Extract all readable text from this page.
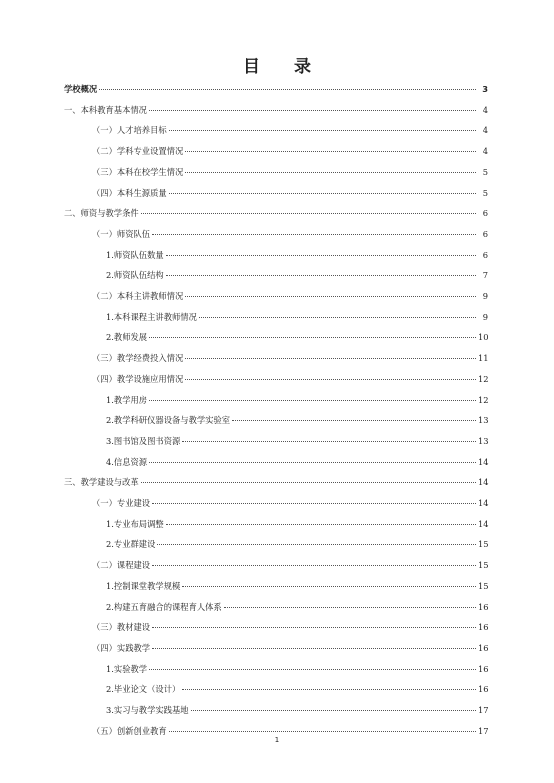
目 录
学校概况	3
一、本科教育基本情况	4
（一）人才培养目标	4
（二）学科专业设置情况	4
（三）本科在校学生情况	5
（四）本科生源质量	5
二、师资与教学条件	6
（一）师资队伍	6
1.师资队伍数量	6
2.师资队伍结构	7
（二）本科主讲教师情况	9
1.本科课程主讲教师情况	9
2.教师发展	10
（三）教学经费投入情况	11
（四）教学设施应用情况	12
1.教学用房	12
2.教学科研仪器设备与教学实验室	13
3.图书馆及图书资源	13
4.信息资源	14
三、教学建设与改革	14
（一）专业建设	14
1.专业布局调整	14
2.专业群建设	15
（二）课程建设	15
1.控制课堂教学规模	15
2.构建五育融合的课程育人体系	16
（三）教材建设	16
（四）实践教学	16
1.实验教学	16
2.毕业论文（设计）	16
3.实习与教学实践基地	17
（五）创新创业教育	17
1
